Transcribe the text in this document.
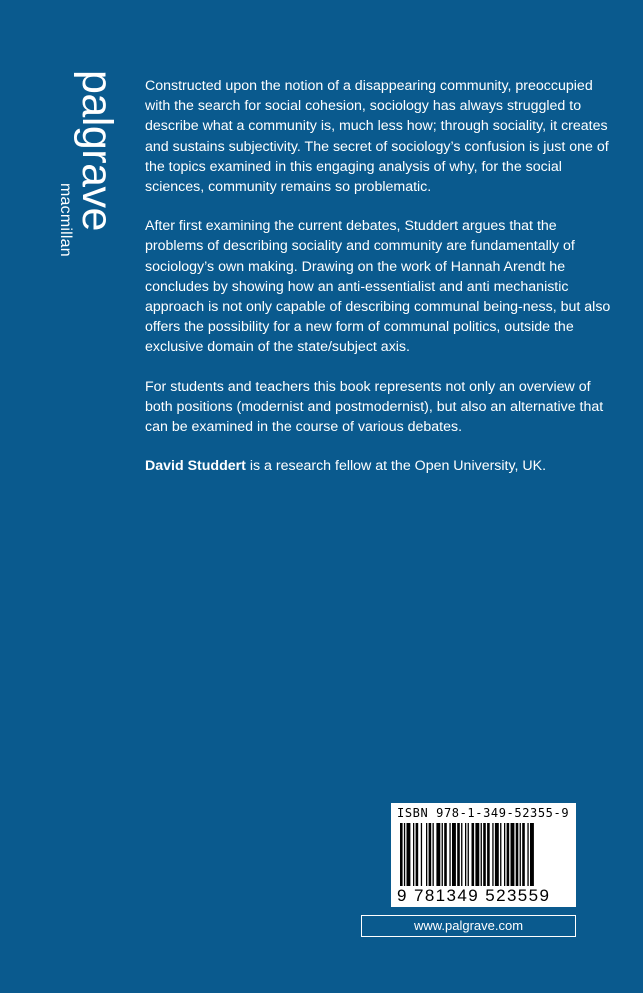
palgrave
macmillan

Constructed upon the notion of a disappearing community, preoccupied with the search for social cohesion, sociology has always struggled to describe what a community is, much less how; through sociality, it creates and sustains subjectivity. The secret of sociology’s confusion is just one of the topics examined in this engaging analysis of why, for the social sciences, community remains so problematic.

After first examining the current debates, Studdert argues that the problems of describing sociality and community are fundamentally of sociology’s own making. Drawing on the work of Hannah Arendt he concludes by showing how an anti-essentialist and anti mechanistic approach is not only capable of describing communal being-ness, but also offers the possibility for a new form of communal politics, outside the exclusive domain of the state/subject axis.

For students and teachers this book represents not only an overview of both positions (modernist and postmodernist), but also an alternative that can be examined in the course of various debates.

David Studdert is a research fellow at the Open University, UK.

ISBN 978-1-349-52355-9
9 781349 523559
www.palgrave.com
